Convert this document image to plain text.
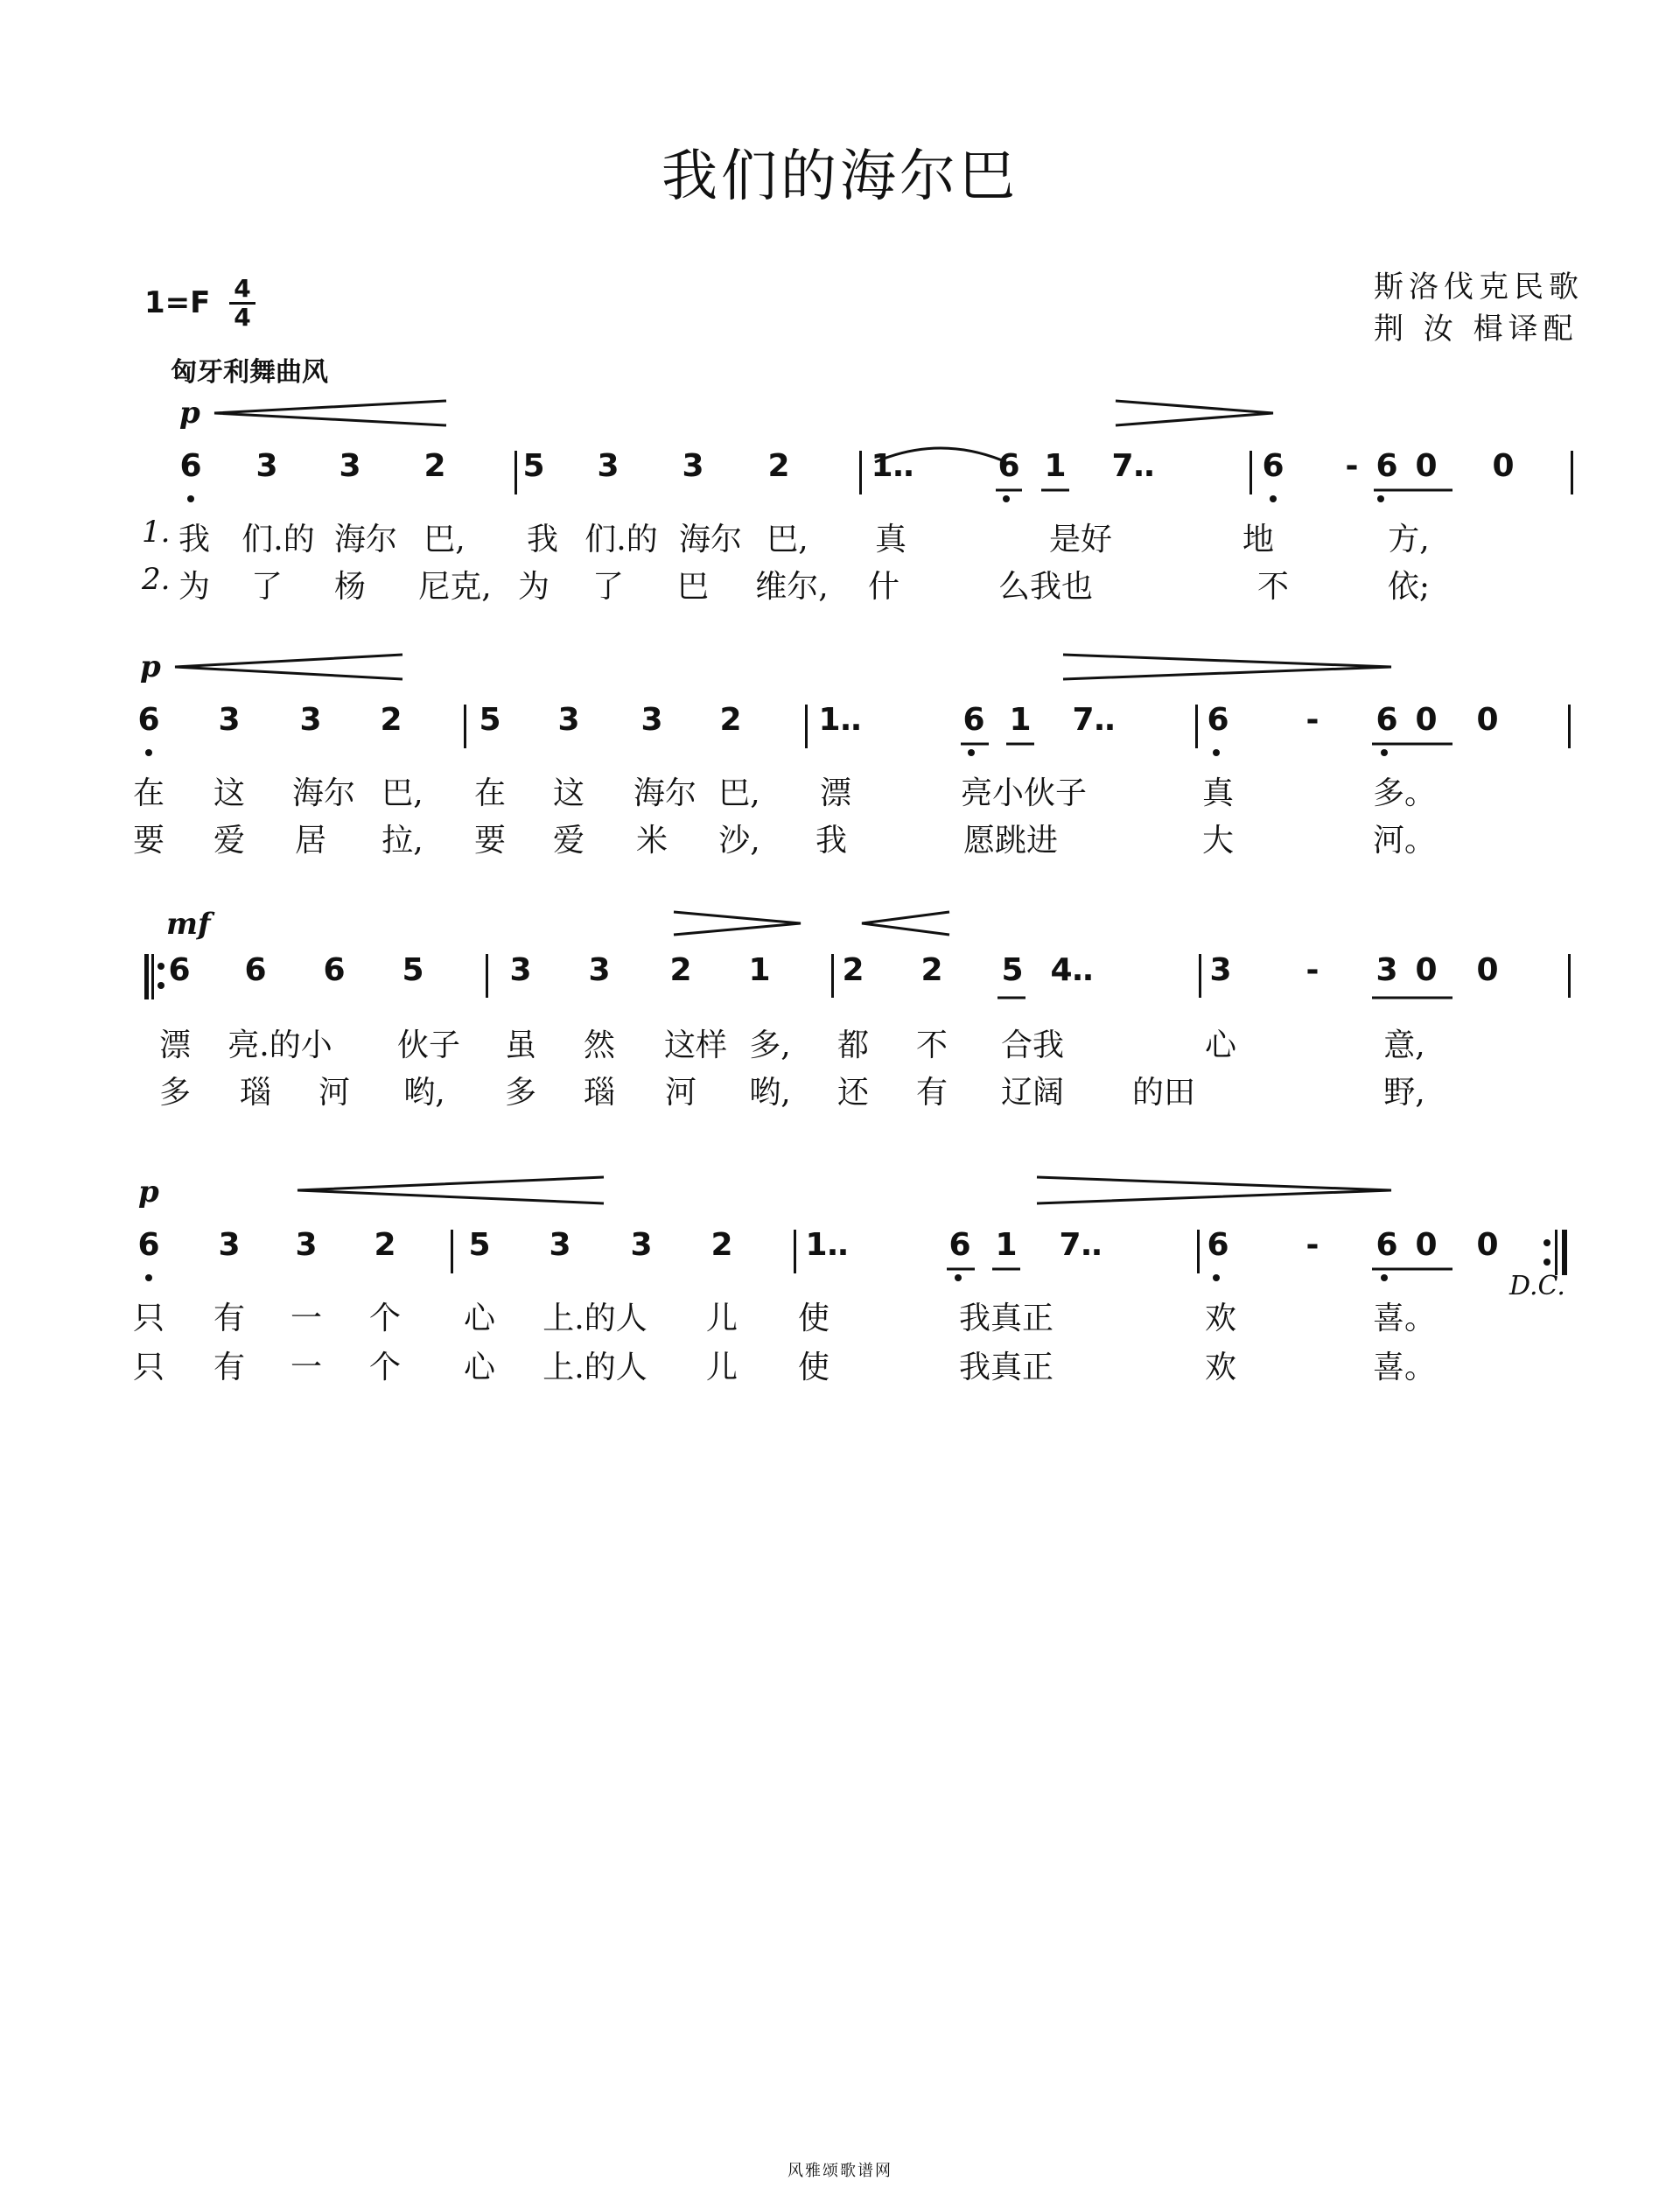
我们的海尔巴
斯洛伐克民歌
荆 汝 楫译配
1=F 4
4
匈牙利舞曲风
p
6 3 3 2 5 3 3 2	1‥	6 1 7‥	6 - 6 0 0
1. 我 们.的 海尔 巴, 我 们.的 海尔 巴, 真	是好	地	方,
2. 为 了 杨 尼克, 为 了 巴 维尔, 什	么我也	不	依;
p
6 3 3 2 5 3 3 2 1‥	6 1 7‥	6 - 6 0 0
在 这 海尔 巴, 在 这 海尔 巴, 漂	亮小伙子	真	多。
要 爱 居 拉, 要 爱 米 沙, 我	愿跳进	大	河。
mf
6 6 6 5	3 3 2 1 2 2 5 4‥	3 - 3 0 0
漂 亮.的小 伙子 虽 然 这样 多, 都 不 合我	心	意,
多 瑙 河 哟, 多 瑙 河 哟, 还 有 辽阔 的田	野,
p
6 3 3 2 5 3 3 2 1‥	6 1 7‥	6 - 6 0 0
只 有 一 个 心 上.的人 儿 使	我真正	欢	喜。
D.C.
只 有 一 个 心 上.的人 儿 使	我真正	欢	喜。
风雅颂歌谱网
